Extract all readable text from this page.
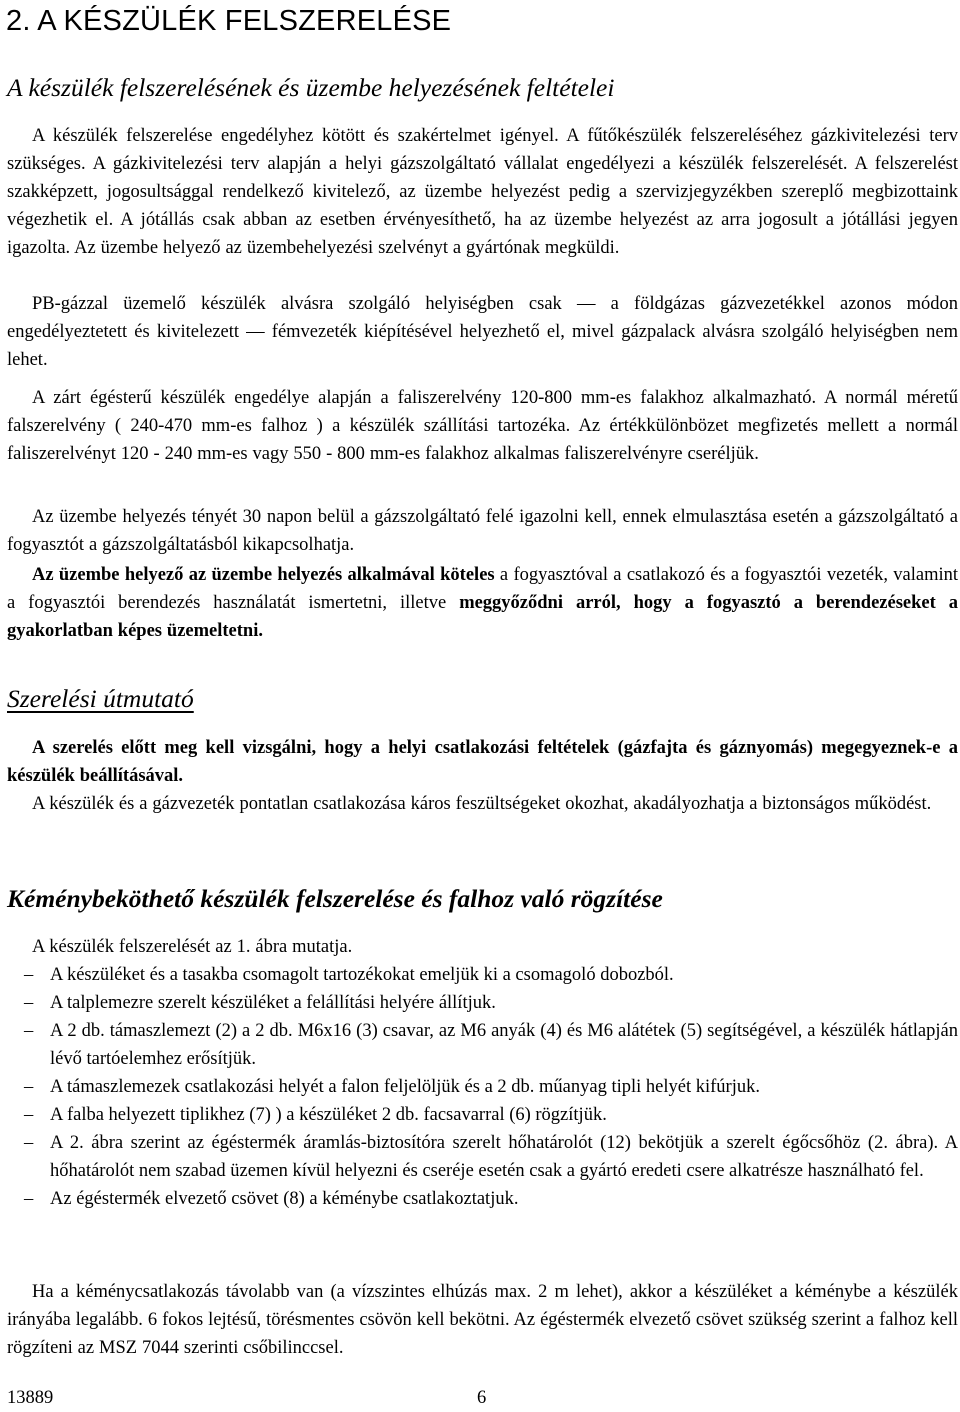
2. A KÉSZÜLÉK FELSZERELÉSE
A készülék felszerelésének és üzembe helyezésének feltételei

A készülék felszerelése engedélyhez kötött és szakértelmet igényel. A fűtőkészülék felszereléséhez gázkivitelezési terv szükséges. A gázkivitelezési terv alapján a helyi gázszolgáltató vállalat engedélyezi a készülék felszerelését. A felszerelést szakképzett, jogosultsággal rendelkező kivitelező, az üzembe helyezést pedig a szervizjegyzékben szereplő megbizottaink végezhetik el. A jótállás csak abban az esetben érvényesíthető, ha az üzembe helyezést az arra jogosult a jótállási jegyen igazolta. Az üzembe helyező az üzembehelyezési szelvényt a gyártónak megküldi.

PB-gázzal üzemelő készülék alvásra szolgáló helyiségben csak — a földgázas gázvezetékkel azonos módon engedélyeztetett és kivitelezett — fémvezeték kiépítésével helyezhető el, mivel gázpalack alvásra szolgáló helyiségben nem lehet.

A zárt égésterű készülék engedélye alapján a faliszerelvény 120-800 mm-es falakhoz alkalmazható. A normál méretű falszerelvény ( 240-470 mm-es falhoz ) a készülék szállítási tartozéka. Az értékkülönbözet megfizetés mellett a normál faliszerelvényt 120 - 240 mm-es vagy 550 - 800 mm-es falakhoz alkalmas faliszerelvényre cseréljük.

Az üzembe helyezés tényét 30 napon belül a gázszolgáltató felé igazolni kell, ennek elmulasztása esetén a gázszolgáltató a fogyasztót a gázszolgáltatásból kikapcsolhatja.

Az üzembe helyező az üzembe helyezés alkalmával köteles a fogyasztóval a csatlakozó és a fogyasztói vezeték, valamint a fogyasztói berendezés használatát ismertetni, illetve meggyőződni arról, hogy a fogyasztó a berendezéseket a gyakorlatban képes üzemeltetni.

Szerelési útmutató

A szerelés előtt meg kell vizsgálni, hogy a helyi csatlakozási feltételek (gázfajta és gáznyomás) megegyeznek-e a készülék beállításával.

A készülék és a gázvezeték pontatlan csatlakozása káros feszültségeket okozhat, akadályozhatja a biztonságos működést.

Kéménybeköthető készülék felszerelése és falhoz való rögzítése

A készülék felszerelését az 1. ábra mutatja.

– A készüléket és a tasakba csomagolt tartozékokat emeljük ki a csomagoló dobozból.
– A talplemezre szerelt készüléket a felállítási helyére állítjuk.
– A 2 db. támaszlemezt (2) a 2 db. M6x16 (3) csavar, az M6 anyák (4) és M6 alátétek (5) segítségével, a készülék hátlapján lévő tartóelemhez erősítjük.
– A támaszlemezek csatlakozási helyét a falon feljelöljük és a 2 db. műanyag tipli helyét kifúrjuk.
– A falba helyezett tiplikhez (7) ) a készüléket 2 db. facsavarral (6) rögzítjük.
– A 2. ábra szerint az égéstermék áramlás-biztosítóra szerelt hőhatárolót (12) bekötjük a szerelt égőcsőhöz (2. ábra). A hőhatárolót nem szabad üzemen kívül helyezni és cseréje esetén csak a gyártó eredeti csere alkatrésze használható fel.
– Az égéstermék elvezető csövet (8) a kéménybe csatlakoztatjuk.

Ha a kéménycsatlakozás távolabb van (a vízszintes elhúzás max. 2 m lehet), akkor a készüléket a kéménybe a készülék irányába legalább. 6 fokos lejtésű, törésmentes csövön kell bekötni. Az égéstermék elvezető csövet szükség szerint a falhoz kell rögzíteni az MSZ 7044 szerinti csőbilinccsel.

13889	6
